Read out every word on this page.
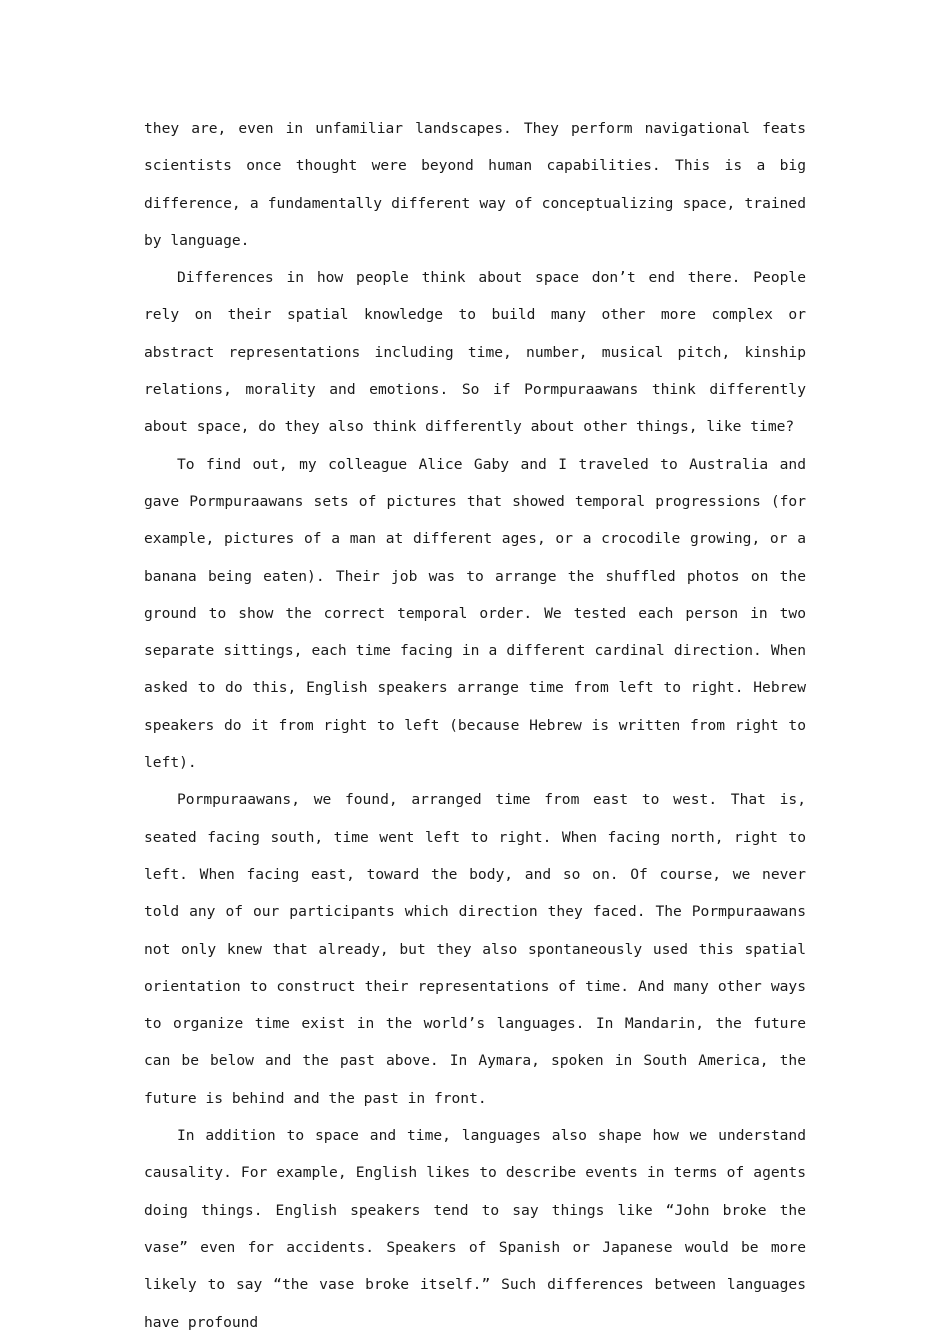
they are, even in unfamiliar landscapes. They perform navigational feats scientists once thought were beyond human capabilities. This is a big difference, a fundamentally different way of conceptualizing space, trained by language.

Differences in how people think about space don’t end there. People rely on their spatial knowledge to build many other more complex or abstract representations including time, number, musical pitch, kinship relations, morality and emotions. So if Pormpuraawans think differently about space, do they also think differently about other things, like time?

To find out, my colleague Alice Gaby and I traveled to Australia and gave Pormpuraawans sets of pictures that showed temporal progressions (for example, pictures of a man at different ages, or a crocodile growing, or a banana being eaten). Their job was to arrange the shuffled photos on the ground to show the correct temporal order. We tested each person in two separate sittings, each time facing in a different cardinal direction. When asked to do this, English speakers arrange time from left to right. Hebrew speakers do it from right to left (because Hebrew is written from right to left).

Pormpuraawans, we found, arranged time from east to west. That is, seated facing south, time went left to right. When facing north, right to left. When facing east, toward the body, and so on. Of course, we never told any of our participants which direction they faced. The Pormpuraawans not only knew that already, but they also spontaneously used this spatial orientation to construct their representations of time. And many other ways to organize time exist in the world’s languages. In Mandarin, the future can be below and the past above. In Aymara, spoken in South America, the future is behind and the past in front.

In addition to space and time, languages also shape how we understand causality. For example, English likes to describe events in terms of agents doing things. English speakers tend to say things like “John broke the vase” even for accidents. Speakers of Spanish or Japanese would be more likely to say “the vase broke itself.” Such differences between languages have profound
